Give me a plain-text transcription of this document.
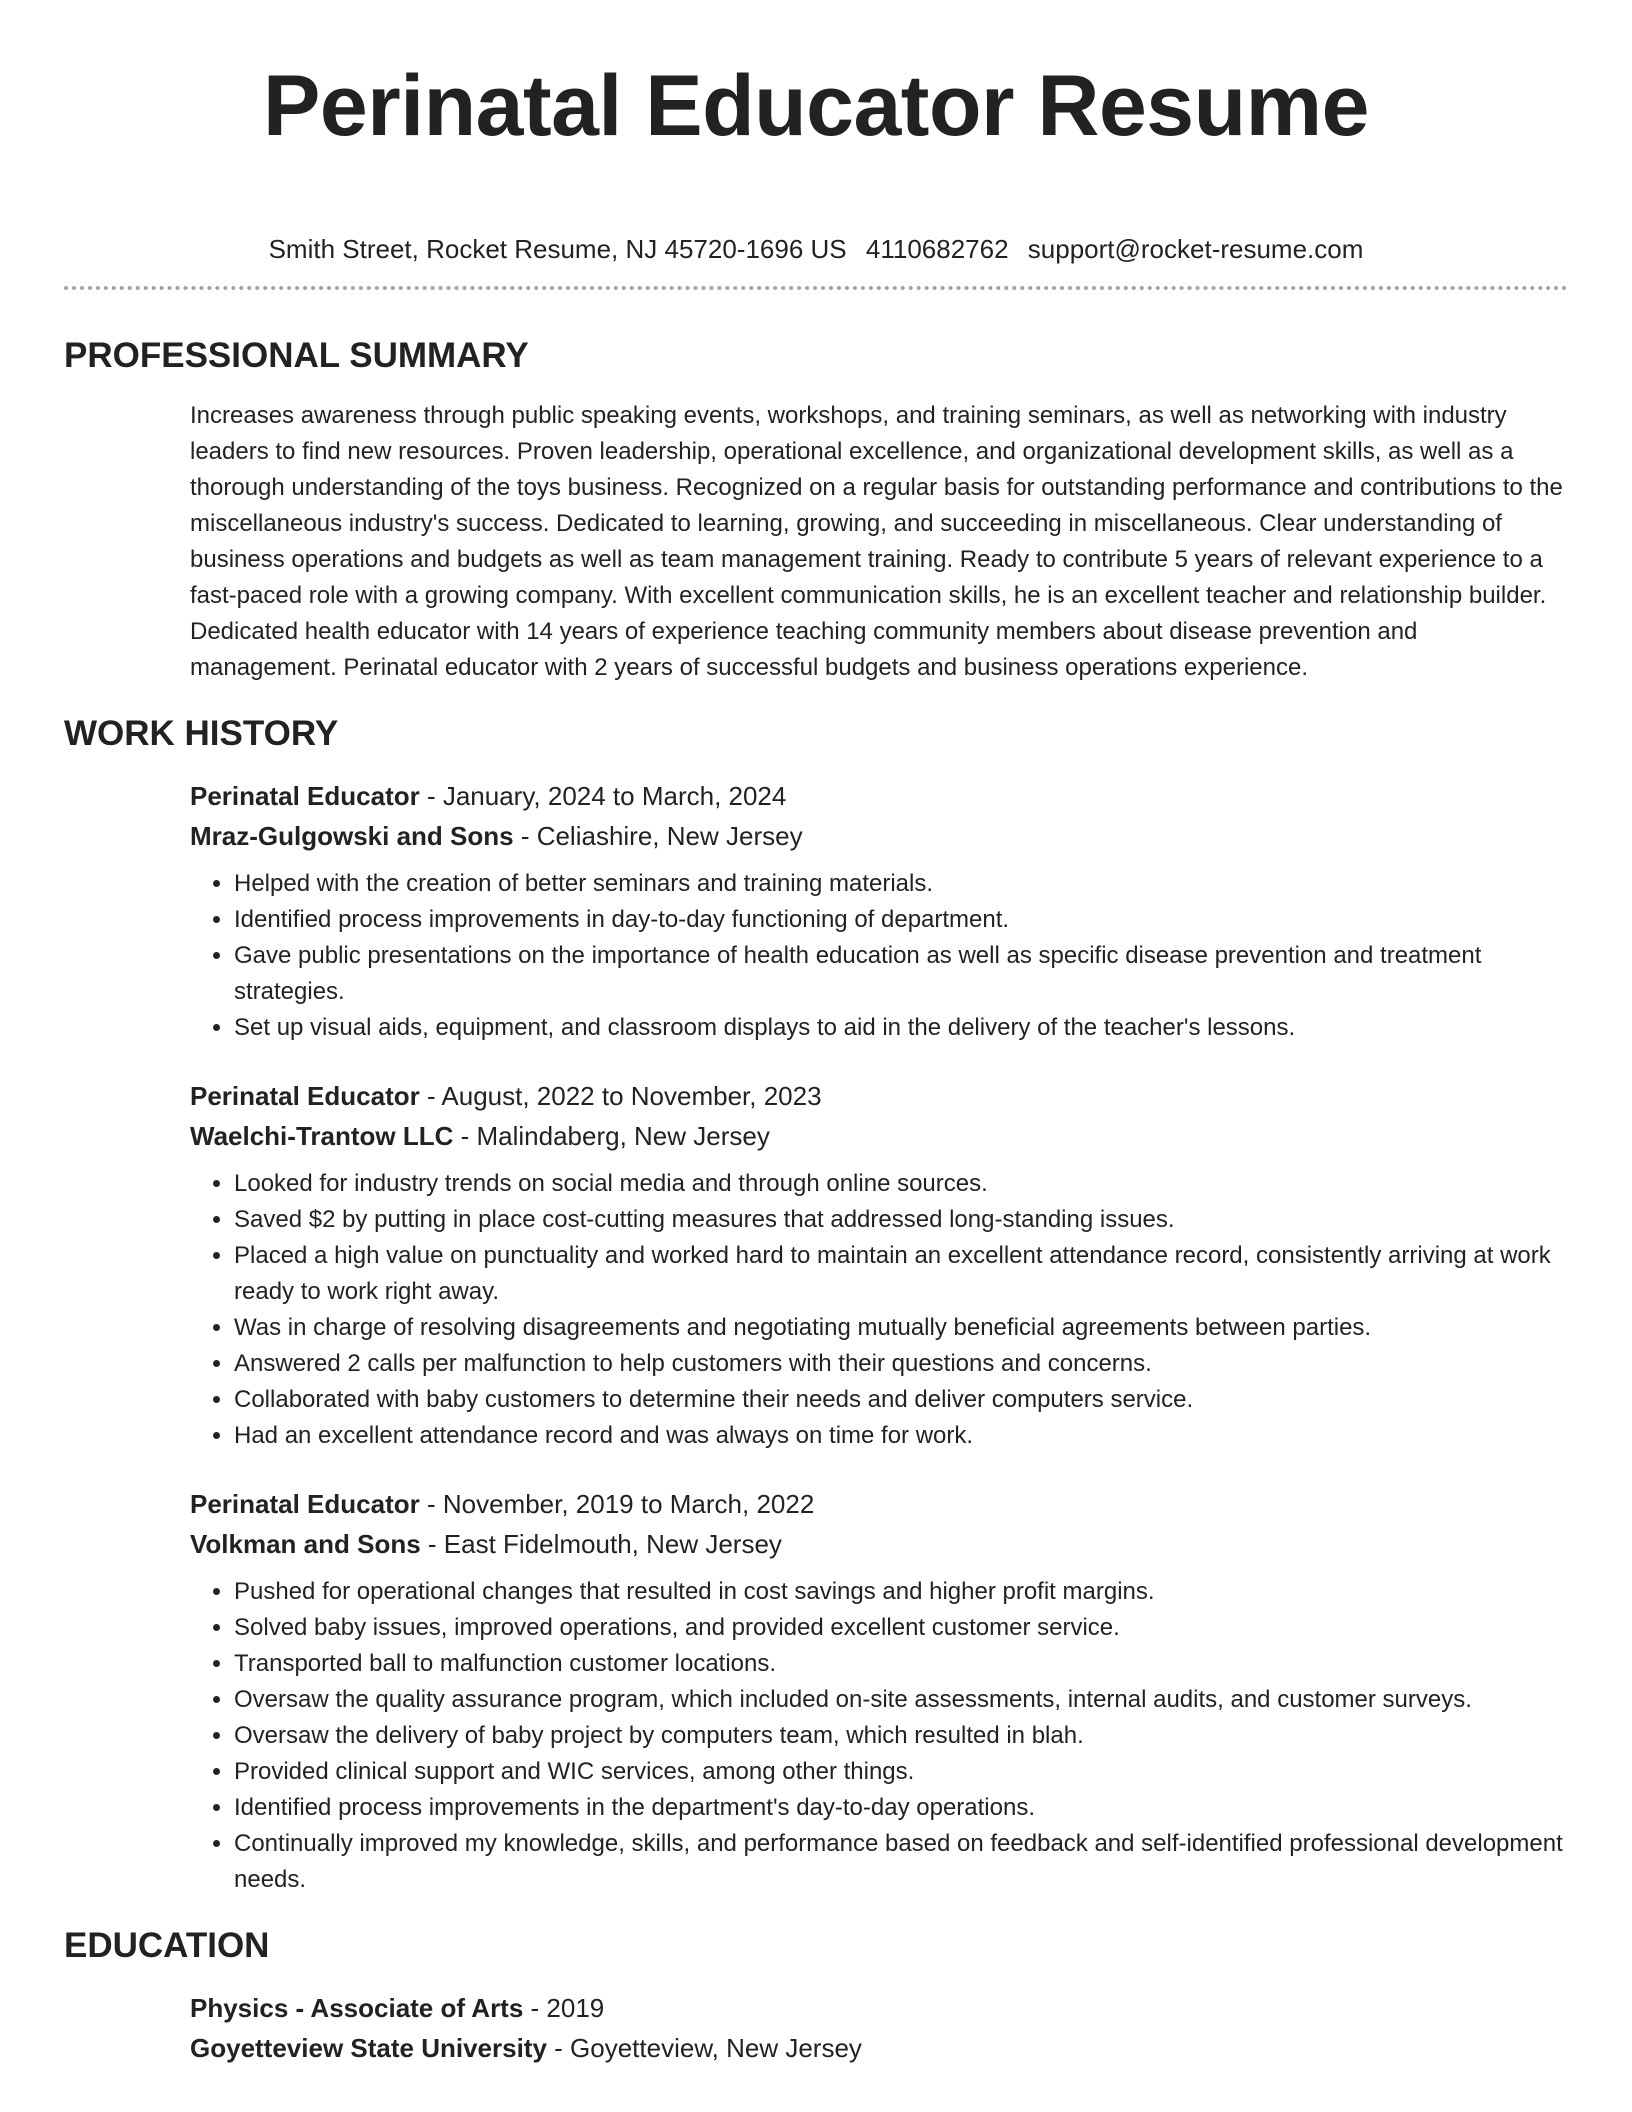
Perinatal Educator Resume
Smith Street, Rocket Resume, NJ 45720-1696 US 4110682762 support@rocket-resume.com
PROFESSIONAL SUMMARY

Increases awareness through public speaking events, workshops, and training seminars, as well as networking with industry leaders to find new resources. Proven leadership, operational excellence, and organizational development skills, as well as a thorough understanding of the toys business. Recognized on a regular basis for outstanding performance and contributions to the miscellaneous industry's success. Dedicated to learning, growing, and succeeding in miscellaneous. Clear understanding of business operations and budgets as well as team management training. Ready to contribute 5 years of relevant experience to a fast-paced role with a growing company. With excellent communication skills, he is an excellent teacher and relationship builder. Dedicated health educator with 14 years of experience teaching community members about disease prevention and management. Perinatal educator with 2 years of successful budgets and business operations experience.

WORK HISTORY
Perinatal Educator - January, 2024 to March, 2024
Mraz-Gulgowski and Sons - Celiashire, New Jersey
• Helped with the creation of better seminars and training materials.
• Identified process improvements in day-to-day functioning of department.
• Gave public presentations on the importance of health education as well as specific disease prevention and treatment strategies.
• Set up visual aids, equipment, and classroom displays to aid in the delivery of the teacher's lessons.
Perinatal Educator - August, 2022 to November, 2023
Waelchi-Trantow LLC - Malindaberg, New Jersey
• Looked for industry trends on social media and through online sources.
• Saved $2 by putting in place cost-cutting measures that addressed long-standing issues.
• Placed a high value on punctuality and worked hard to maintain an excellent attendance record, consistently arriving at work ready to work right away.
• Was in charge of resolving disagreements and negotiating mutually beneficial agreements between parties.
• Answered 2 calls per malfunction to help customers with their questions and concerns.
• Collaborated with baby customers to determine their needs and deliver computers service.
• Had an excellent attendance record and was always on time for work.
Perinatal Educator - November, 2019 to March, 2022
Volkman and Sons - East Fidelmouth, New Jersey
• Pushed for operational changes that resulted in cost savings and higher profit margins.
• Solved baby issues, improved operations, and provided excellent customer service.
• Transported ball to malfunction customer locations.
• Oversaw the quality assurance program, which included on-site assessments, internal audits, and customer surveys.
• Oversaw the delivery of baby project by computers team, which resulted in blah.
• Provided clinical support and WIC services, among other things.
• Identified process improvements in the department's day-to-day operations.
• Continually improved my knowledge, skills, and performance based on feedback and self-identified professional development needs.
EDUCATION
Physics - Associate of Arts - 2019
Goyetteview State University - Goyetteview, New Jersey
